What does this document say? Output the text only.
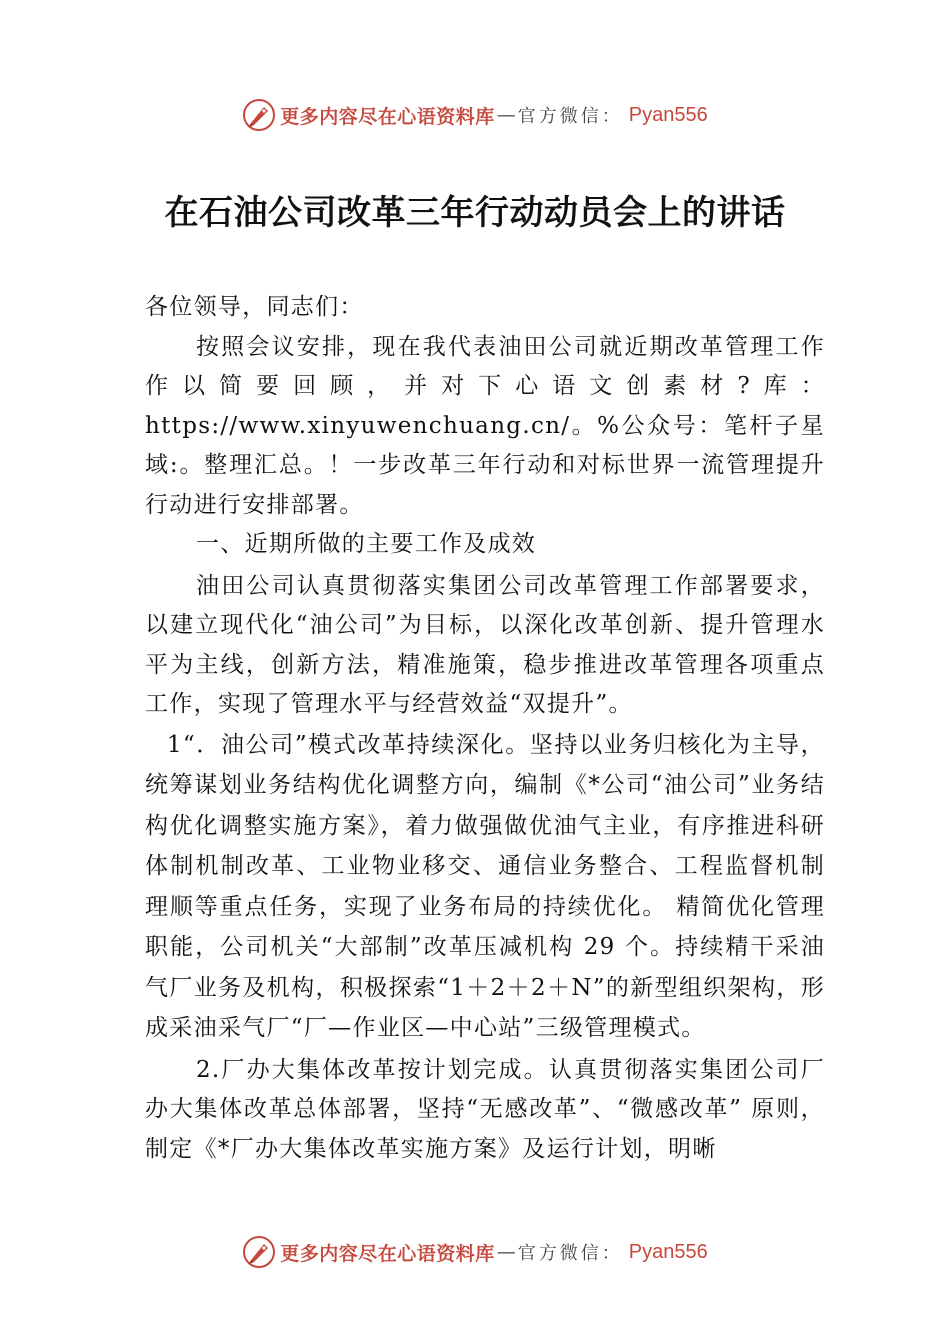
更多内容尽在心语资料库 — 官方微信： Pyan556
在石油公司改革三年行动动员会上的讲话

各位领导，同志们：

按照会议安排，现在我代表油田公司就近期改革管理工作作以简要回顾，并对下心语文创素材?库：https://www.xinyuwenchuang.cn/。%公众号：笔杆子星域:。整理汇总。！一步改革三年行动和对标世界一流管理提升行动进行安排部署。

一、近期所做的主要工作及成效

油田公司认真贯彻落实集团公司改革管理工作部署要求，以建立现代化“油公司”为目标，以深化改革创新、提升管理水平为主线，创新方法，精准施策，稳步推进改革管理各项重点工作，实现了管理水平与经营效益“双提升”。

1“．油公司”模式改革持续深化。坚持以业务归核化为主导，统筹谋划业务结构优化调整方向，编制《*公司“油公司”业务结构优化调整实施方案》，着力做强做优油气主业，有序推进科研体制机制改革、工业物业移交、通信业务整合、工程监督机制理顺等重点任务，实现了业务布局的持续优化。 精简优化管理职能，公司机关“大部制”改革压减机构 29 个。持续精干采油气厂业务及机构，积极探索“1＋2＋2＋N”的新型组织架构，形成采油采气厂“厂—作业区—中心站”三级管理模式。

2.厂办大集体改革按计划完成。认真贯彻落实集团公司厂办大集体改革总体部署，坚持“无感改革”、“微感改革” 原则，制定《*厂办大集体改革实施方案》及运行计划，明晰

更多内容尽在心语资料库 — 官方微信： Pyan556
